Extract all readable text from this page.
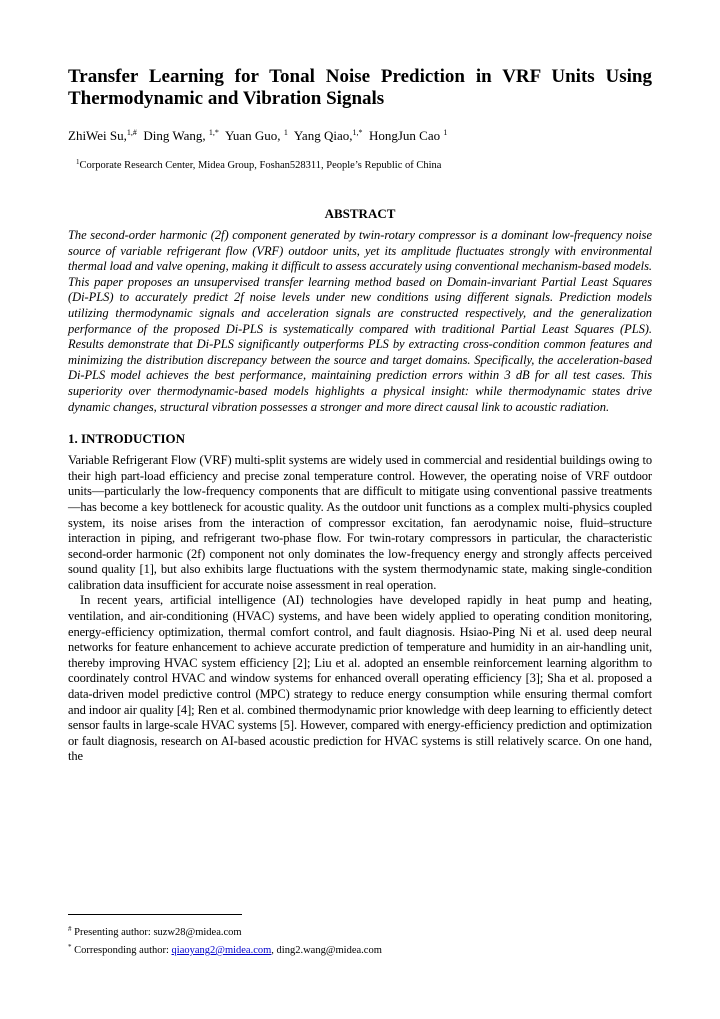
Transfer Learning for Tonal Noise Prediction in VRF Units Using Thermodynamic and Vibration Signals
ZhiWei Su,$^{1,\#}$ Ding Wang, $^{1,*}$ Yuan Guo, $^1$ Yang Qiao,$^{1,*}$ HongJun Cao $^1$
$^1$Corporate Research Center, Midea Group, Foshan528311, People’s Republic of China
ABSTRACT
The second-order harmonic (2f) component generated by twin-rotary compressor is a dominant low-frequency noise source of variable refrigerant flow (VRF) outdoor units, yet its amplitude fluctuates strongly with environmental thermal load and valve opening, making it difficult to assess accurately using conventional mechanism-based models. This paper proposes an unsupervised transfer learning method based on Domain-invariant Partial Least Squares (Di-PLS) to accurately predict 2f noise levels under new conditions using different signals. Prediction models utilizing thermodynamic signals and acceleration signals are constructed respectively, and the generalization performance of the proposed Di-PLS is systematically compared with traditional Partial Least Squares (PLS). Results demonstrate that Di-PLS significantly outperforms PLS by extracting cross-condition common features and minimizing the distribution discrepancy between the source and target domains. Specifically, the acceleration-based Di-PLS model achieves the best performance, maintaining prediction errors within 3 dB for all test cases. This superiority over thermodynamic-based models highlights a physical insight: while thermodynamic states drive dynamic changes, structural vibration possesses a stronger and more direct causal link to acoustic radiation.
1. INTRODUCTION

Variable Refrigerant Flow (VRF) multi-split systems are widely used in commercial and residential buildings owing to their high part-load efficiency and precise zonal temperature control. However, the operating noise of VRF outdoor units—particularly the low-frequency components that are difficult to mitigate using conventional passive treatments—has become a key bottleneck for acoustic quality. As the outdoor unit functions as a complex multi-physics coupled system, its noise arises from the interaction of compressor excitation, fan aerodynamic noise, fluid–structure interaction in piping, and refrigerant two-phase flow. For twin-rotary compressors in particular, the characteristic second-order harmonic (2f) component not only dominates the low-frequency energy and strongly affects perceived sound quality [1], but also exhibits large fluctuations with the system thermodynamic state, making single-condition calibration data insufficient for accurate noise assessment in real operation.

In recent years, artificial intelligence (AI) technologies have developed rapidly in heat pump and heating, ventilation, and air-conditioning (HVAC) systems, and have been widely applied to operating condition monitoring, energy-efficiency optimization, thermal comfort control, and fault diagnosis. Hsiao-Ping Ni et al. used deep neural networks for feature enhancement to achieve accurate prediction of temperature and humidity in an air-handling unit, thereby improving HVAC system efficiency [2]; Liu et al. adopted an ensemble reinforcement learning algorithm to coordinately control HVAC and window systems for enhanced overall operating efficiency [3]; Sha et al. proposed a data-driven model predictive control (MPC) strategy to reduce energy consumption while ensuring thermal comfort and indoor air quality [4]; Ren et al. combined thermodynamic prior knowledge with deep learning to efficiently detect sensor faults in large-scale HVAC systems [5]. However, compared with energy-efficiency prediction and optimization or fault diagnosis, research on AI-based acoustic prediction for HVAC systems is still relatively scarce. On one hand, the

# Presenting author: suzw28@midea.com
* Corresponding author: qiaoyang2@midea.com, ding2.wang@midea.com
